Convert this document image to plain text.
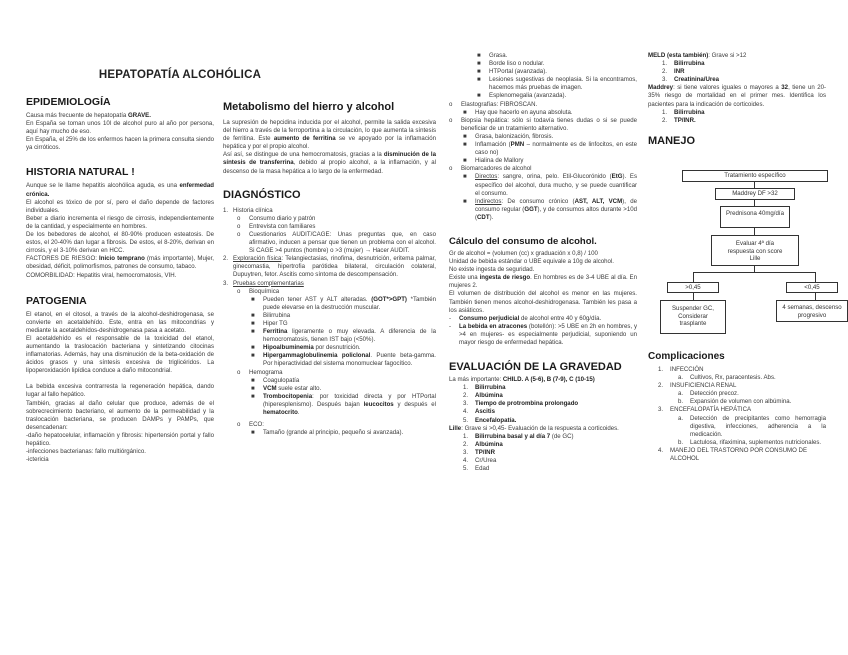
HEPATOPATÍA ALCOHÓLICA
EPIDEMIOLOGÍA

Causa más frecuente de hepatopatía GRAVE.

En España se toman unos 10l de alcohol puro al año por persona, aquí hay mucho de eso.

En España, el 25% de los enfermos hacen la primera consulta siendo ya cirróticos.

HISTORIA NATURAL !

Aunque se le llame hepatitis alcohólica aguda, es una enfermedad crónica.

El alcohol es tóxico de por sí, pero el daño depende de factores individuales.

Beber a diario incrementa el riesgo de cirrosis, independientemente de la cantidad, y especialmente en hombres.

De los bebedores de alcohol, el 80-90% producen esteatosis. De estos, el 20-40% dan lugar a fibrosis. De estos, el 8-20%, derivan en cirrosis, y el 3-10% derivan en HCC.

FACTORES DE RIESGO: Inicio temprano (más importante), Mujer, obesidad, déficit, polimorfismos, patrones de consumo, tabaco.

COMORBILIDAD: Hepatitis viral, hemocromatosis, VIH.

PATOGENIA

El etanol, en el citosol, a través de la alcohol-deshidrogenasa, se convierte en acetaldehído. Este, entra en las mitocondrias y mediante la acetaldehídos-deshidrogenasa pasa a acetato.

El acetaldehído es el responsable de la toxicidad del etanol, aumentando la traslocación bacteriana y sintetizando citocinas inflamatorias. Además, hay una disminución de la beta-oxidación de ácidos grasos y una síntesis excesiva de triglicéridos. La lipoperoxidación lipídica conduce a daño mitocondrial.

La bebida excesiva contrarresta la regeneración hepática, dando lugar al fallo hepático.

También, gracias al daño celular que produce, además de el sobrecrecimiento bacteriano, el aumento de la permeabilidad y la traslocación bacteriana, se producen DAMPs y PAMPs, que desencadenan:

-daño hepatocelular, inflamación y fibrosis: hipertensión portal y fallo hepático.

-infecciones bacterianas: fallo multiórgánico.

-ictericia

Metabolismo del hierro y alcohol

La supresión de hepcidina inducida por el alcohol, permite la salida excesiva del hierro a través de la ferroportina a la circulación, lo que aumenta la síntesis de ferritina. Este aumento de ferritina se ve apoyado por la inflamación hepática y por el propio alcohol.

Así así, se distingue de una hemocromatosis, gracias a la disminución de la síntesis de transferrina, debido al propio alcohol, a la inflamación, y al descenso de la masa hepática a lo largo de la enfermedad.

DIAGNÓSTICO
1. Historia clínica
o Consumo diario y patrón
o Entrevista con familiares
o Cuestionarios AUDIT/CAGE: Unas preguntas que, en caso afirmativo, inducen a pensar que tienen un problema con el alcohol. Si CAGE >4 puntos (hombre) o >3 (mujer) → Hacer AUDIT.
2. Exploración física: Telangiectasias, rinofima, desnutrición, eritema palmar, ginecomastia, hipertrofia parótidea bilateral, circulación colateral, Dupuytren, fetor. Ascitis como síntoma de descompensación.
3. Pruebas complementarias
o Bioquímica
■ Pueden tener AST y ALT alteradas. (GOT*>GPT) *También puede elevarse en la destrucción muscular.
■ Bilirrubina
■ Hiper TG
■ Ferritina ligeramente o muy elevada. A diferencia de la hemocromatosis, tienen IST bajo (<50%).
■ Hipoalbuminemia por desnutrición.
■ Hipergammaglobulinemia policlonal. Puente beta-gamma. Por hiperactividad del sistema monomuclear fagocítico.
o Hemograma
■ Coagulopatía
■ VCM suele estar alto.
■ Trombocitopenia: por toxicidad directa y por HTPortal (hiperesplenismo). Después bajan leucocitos y después el hematocrito.
o ECO:
■ Tamaño (grande al principio, pequeño si avanzada).
■ Grasa.
■ Borde liso o nodular.
■ HTPortal (avanzada).
■ Lesiones sugestivas de neoplasia. Si la encontramos, hacemos más pruebas de imagen.
■ Esplenomegalia (avanzada).
o Elastografías: FIBROSCAN.
■ Hay que hacerlo en ayuna absoluta.
o Biopsia hepática: sólo si todavía tienes dudas o si se puede beneficiar de un tratamiento alternativo.
■ Grasa, balonización, fibrosis.
■ Inflamación (PMN – normalmente es de linfocitos, en este caso no)
■ Hialina de Mallory
o Biomarcadores de alcohol
■ Directos: sangre, orina, pelo. Etil-Glucorónido (EtG). Es específico del alcohol, dura mucho, y se puede cuantificar el consumo.
■ Indirectos: De consumo crónico (AST, ALT, VCM), de consumo regular (GGT), y de consumos altos durante >10d (CDT).
Cálculo del consumo de alcohol.

Gr de alcohol = (volumen (cc) x graduación x 0,8) / 100

Unidad de bebida estándar o UBE equivale a 10g de alcohol.

No existe ingesta de seguridad.

Existe una ingesta de riesgo. En hombres es de 3-4 UBE al día. En mujeres 2.

El volumen de distribución del alcohol es menor en las mujeres. También tienen menos alcohol-deshidrogenasa. También les pasa a los asiáticos.

- Consumo perjudicial de alcohol entre 40 y 60g/día.
- La bebida en atracones (botellón): >5 UBE en 2h en hombres, y >4 en mujeres- es especialmente perjudicial, suponiendo un mayor riesgo de enfermedad hepática.
EVALUACIÓN DE LA GRAVEDAD

La más importante: CHILD. A (5-6), B (7-9), C (10-15)

1. Bilirrubina
2. Albúmina
3. Tiempo de protrombina prolongado
4. Ascitis
5. Encefalopatía.

Lille: Grave si >0,45- Evaluación de la respuesta a corticoides.

1. Bilirrubina basal y al día 7 (de GC)
2. Albúmina
3. TP/INR
4. Cr/Urea
5. Edad

MELD (esta también): Grave si >12

1. Bilirrubina
2. INR
3. Creatinina/Urea

Maddrey: si tiene valores iguales o mayores a 32, tiene un 20-35% riesgo de mortalidad en el primer mes. Identifica los pacientes para la indicación de corticoides.

1. Bilirrubina
2. TP/INR.
MANEJO
Tratamiento específico
Maddrey DF >32
Prednisona 40mg/día
Evaluar 4ª día respuesta con score Lille
>0,45	<0,45
Suspender GC, Considerar trasplante
4 semanas, descenso progresivo
Complicaciones
1. INFECCIÓN
a. Cultivos, Rx, paracentesis. Abs.
2. INSUFICIENCIA RENAL
a. Detección precoz.
b. Expansión de volumen con albúmina.
3. ENCEFALOPATÍA HEPÁTICA
a. Detección de precipitantes como hemorragia digestiva, infecciones, adherencia a la medicación.
b. Lactulosa, rifaximina, suplementos nutricionales.
4. MANEJO DEL TRASTORNO POR CONSUMO DE ALCOHOL
